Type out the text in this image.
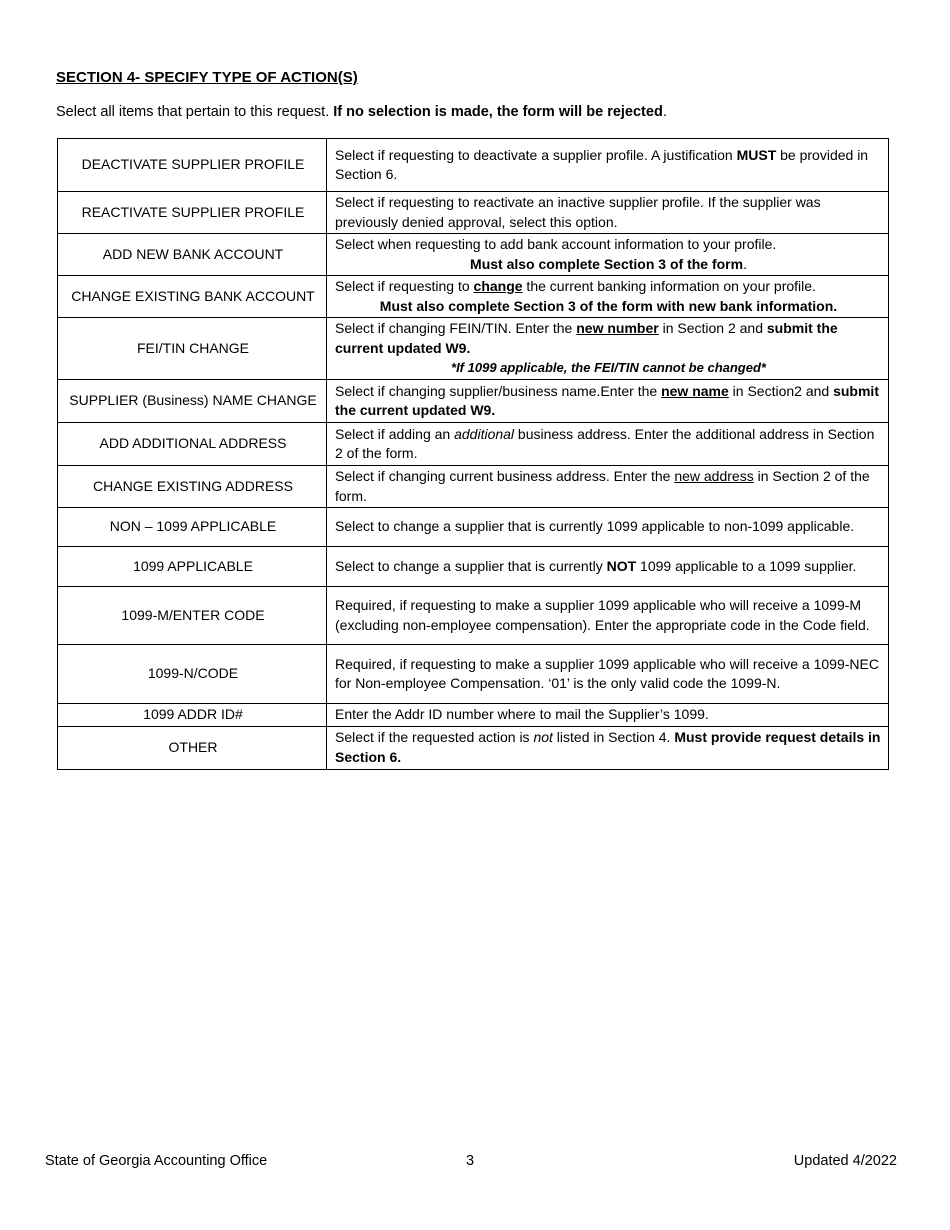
SECTION 4- SPECIFY TYPE OF ACTION(S)

Select all items that pertain to this request. If no selection is made, the form will be rejected.

DEACTIVATE SUPPLIER PROFILE	Select if requesting to deactivate a supplier profile. A justification MUST be provided in Section 6.
REACTIVATE SUPPLIER PROFILE	Select if requesting to reactivate an inactive supplier profile. If the supplier was previously denied approval, select this option.
ADD NEW BANK ACCOUNT	Select when requesting to add bank account information to your profile.
Must also complete Section 3 of the form.

CHANGE EXISTING BANK ACCOUNT	Select if requesting to change the current banking information on your profile.
Must also complete Section 3 of the form with new bank information.

FEI/TIN CHANGE	Select if changing FEIN/TIN. Enter the new number in Section 2 and submit the current updated W9.
*If 1099 applicable, the FEI/TIN cannot be changed*

SUPPLIER (Business) NAME CHANGE	Select if changing supplier/business name.Enter the new name in Section2 and submit the current updated W9.
ADD ADDITIONAL ADDRESS	Select if adding an additional business address. Enter the additional address in Section 2 of the form.
CHANGE EXISTING ADDRESS	Select if changing current business address. Enter the new address in Section 2 of the form.
NON – 1099 APPLICABLE	Select to change a supplier that is currently 1099 applicable to non-1099 applicable.
1099 APPLICABLE	Select to change a supplier that is currently NOT 1099 applicable to a 1099 supplier.
1099-M/ENTER CODE	Required, if requesting to make a supplier 1099 applicable who will receive a 1099-M (excluding non-employee compensation). Enter the appropriate code in the Code field.
1099-N/CODE	Required, if requesting to make a supplier 1099 applicable who will receive a 1099-NEC for Non-employee Compensation. ‘01’ is the only valid code the 1099-N.
1099 ADDR ID#	Enter the Addr ID number where to mail the Supplier’s 1099.
OTHER	Select if the requested action is not listed in Section 4. Must provide request details in Section 6.

State of Georgia Accounting Office	3	Updated 4/2022
